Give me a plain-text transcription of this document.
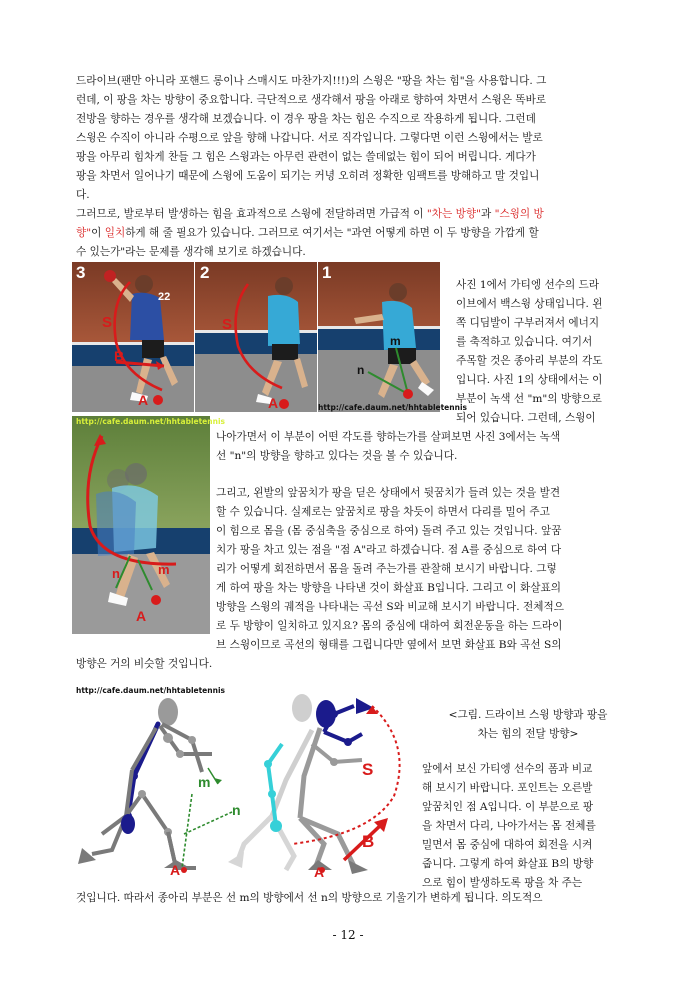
드라이브(팬만 아니라 포핸드 롱이나 스매시도 마찬가지!!!)의 스윙은 "팡을 차는 힘"을 사용합니다. 그
런데, 이 팡을 차는 방향이 중요합니다. 극단적으로 생각해서 팡을 아래로 향하여 차면서 스윙은 똑바로
전방을 향하는 경우를 생각해 보겠습니다. 이 경우 팡을 차는 힘은 수직으로 작용하게 됩니다. 그런데
스윙은 수직이 아니라 수평으로 앞을 향해 나갑니다. 서로 직각입니다. 그렇다면 이런 스윙에서는 발로
팡을 아무리 힘차게 찬들 그 힘은 스윙과는 아무런 관련이 없는 쓸데없는 힘이 되어 버립니다. 게다가
팡을 차면서 일어나기 때문에 스윙에 도움이 되기는 커녕 오히려 정확한 임팩트를 방해하고 말 것입니
다.
그러므로, 발로부터 발생하는 힘을 효과적으로 스윙에 전달하려면 가급적 이 "차는 방향"과 "스윙의 방
향"이 일치하게 해 줄 필요가 있습니다. 그러므로 여기서는 "과연 어떻게 하면 이 두 방향을 가깝게 할
수 있는가"라는 문제를 생각해 보기로 하겠습니다.
3	2	1
22
S	S
B
A	A
m
n
http://cafe.daum.net/hhtabletennis
사진 1에서 가티엥 선수의 드라
이브에서 백스윙 상태입니다. 왼
쪽 디딤발이 구부러져서 에너지
를 축적하고 있습니다. 여기서
주목할 것은 종아리 부분의 각도
입니다. 사진 1의 상태에서는 이
부분이 녹색 선 "m"의 방향으로
되어 있습니다. 그런데, 스윙이
http://cafe.daum.net/hhtabletennis
n	m
A
나아가면서 이 부분이 어떤 각도를 향하는가를 살펴보면 사진 3에서는 녹색
선 "n"의 방향을 향하고 있다는 것을 볼 수 있습니다.
그리고, 왼발의 앞꿈치가 팡을 딛은 상태에서 뒷꿈치가 들려 있는 것을 발견
할 수 있습니다. 실제로는 앞꿈치로 팡을 차듯이 하면서 다리를 밀어 주고
이 힘으로 몸을 (몸 중심축을 중심으로 하여) 돌려 주고 있는 것입니다. 앞꿈
치가 팡을 차고 있는 점을 "점 A"라고 하겠습니다. 점 A를 중심으로 하여 다
리가 어떻게 회전하면서 몸을 돌려 주는가를 관찰해 보시기 바랍니다. 그렇
게 하여 팡을 차는 방향을 나타낸 것이 화살표 B입니다. 그리고 이 화살표의
방향을 스윙의 궤적을 나타내는 곡선 S와 비교해 보시기 바랍니다. 전체적으
로 두 방향이 일치하고 있지요? 몸의 중심에 대하여 회전운동을 하는 드라이
브 스윙이므로 곡선의 형태를 그립니다만 옆에서 보면 화살표 B와 곡선 S의
방향은 거의 비슷할 것입니다.
http://cafe.daum.net/hhtabletennis
m
n
A	A
S
B
<그림. 드라이브 스윙 방향과 팡을
차는 힘의 전달 방향>
앞에서 보신 가티엥 선수의 폼과 비교
해 보시기 바랍니다. 포인트는 오른발
앞꿈치인 점 A입니다. 이 부분으로 팡
을 차면서 다리, 나아가서는 몸 전체를
밀면서 몸 중심에 대하여 회전을 시켜
줍니다. 그렇게 하여 화살표 B의 방향
으로 힘이 발생하도록 팡을 차 주는
것입니다. 따라서 종아리 부분은 선 m의 방향에서 선 n의 방향으로 기울기가 변하게 됩니다. 의도적으
- 12 -
